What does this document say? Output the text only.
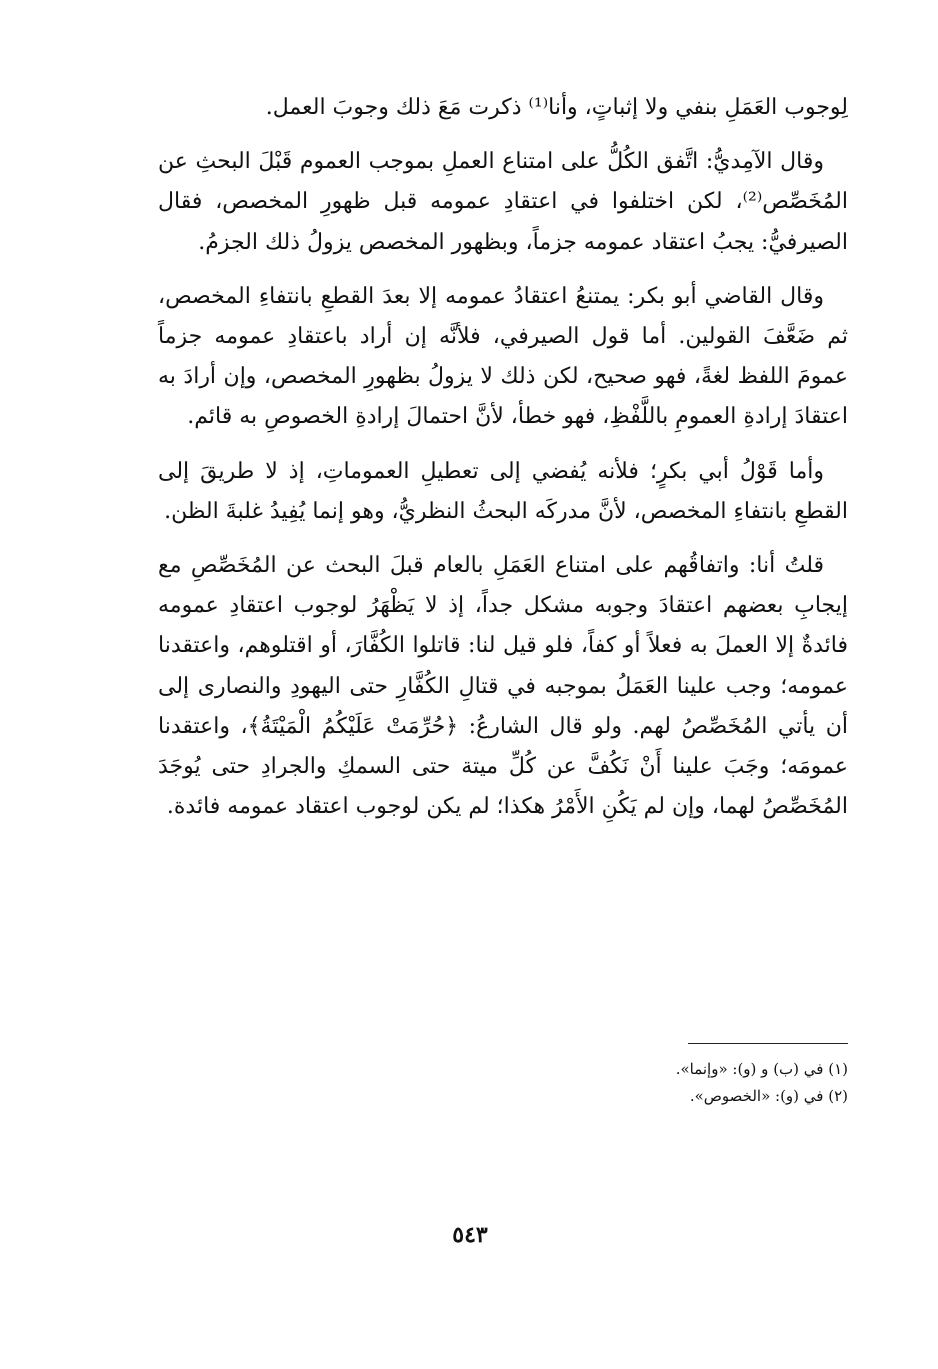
لِوجوب العَمَلِ بنفي ولا إثباتٍ، وأنا⁽¹⁾ ذكرت مَعَ ذلك وجوبَ العمل.

وقال الآمِديُّ: اتَّفق الكُلُّ على امتناع العملِ بموجب العموم قَبْلَ البحثِ عن المُخَصِّص⁽²⁾، لكن اختلفوا في اعتقادِ عمومه قبل ظهورِ المخصص، فقال الصيرفيُّ: يجبُ اعتقاد عمومه جزماً، وبظهور المخصص يزولُ ذلك الجزمُ.

وقال القاضي أبو بكر: يمتنعُ اعتقادُ عمومه إلا بعدَ القطعِ بانتفاءِ المخصص، ثم ضَعَّفَ القولين. أما قول الصيرفي، فلأنَّه إن أراد باعتقادِ عمومه جزماً عمومَ اللفظ لغةً، فهو صحيح، لكن ذلك لا يزولُ بظهورِ المخصص، وإن أرادَ به اعتقادَ إرادةِ العمومِ باللَّفْظِ، فهو خطأ، لأنَّ احتمالَ إرادةِ الخصوصِ به قائم.

وأما قَوْلُ أبي بكرٍ؛ فلأنه يُفضي إلى تعطيلِ العموماتِ، إذ لا طريقَ إلى القطعِ بانتفاءِ المخصص، لأنَّ مدركَه البحثُ النظريُّ، وهو إنما يُفِيدُ غلبةَ الظن.

قلتُ أنا: واتفاقُهم على امتناع العَمَلِ بالعام قبلَ البحث عن المُخَصِّصِ مع إيجابِ بعضهم اعتقادَ وجوبه مشكل جداً، إذ لا يَظْهَرُ لوجوب اعتقادِ عمومه فائدةٌ إلا العملَ به فعلاً أو كفاً، فلو قيل لنا: قاتلوا الكُفَّارَ، أو اقتلوهم، واعتقدنا عمومه؛ وجب علينا العَمَلُ بموجبه في قتالِ الكُفَّارِ حتى اليهودِ والنصارى إلى أن يأتي المُخَصِّصُ لهم. ولو قال الشارعُ: ﴿حُرِّمَتْ عَلَيْكُمُ الْمَيْتَةُ﴾، واعتقدنا عمومَه؛ وجَبَ علينا أَنْ نَكُفَّ عن كُلِّ ميتة حتى السمكِ والجرادِ حتى يُوجَدَ المُخَصِّصُ لهما، وإن لم يَكُنِ الأَمْرُ هكذا؛ لم يكن لوجوب اعتقاد عمومه فائدة.

(١) في (ب) و (و): «وإنما».

(٢) في (و): «الخصوص».

٥٤٣
